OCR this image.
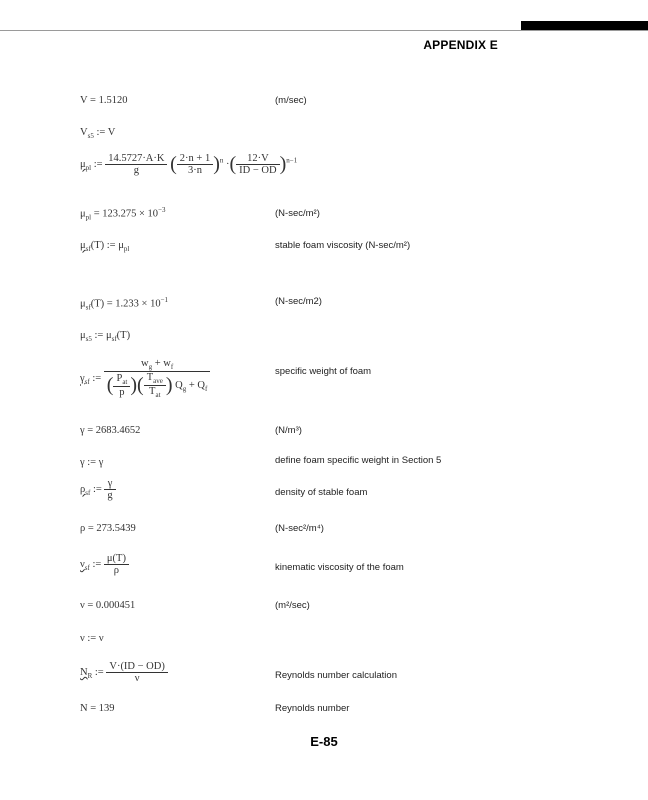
APPENDIX E
V = 1.5120	(m/sec)
$V_{s5}$ := V
$\mu_{pl}$ := $\frac{14.5727\cdot A\cdot K}{g}$ ( $\frac{2\cdot n + 1}{3\cdot n} )^n$ ·( $\frac{12\cdot V}{ID - OD} )^{n-1}$
$\mu_{pl} = 123.275 \times 10^{-3}$	(N-sec/m²)
$\mu_{sf}(T)$ := $\mu_{pl}$	stable foam viscosity (N-sec/m²)
$\mu_{sf}(T) = 1.233 \times 10^{-1}$	(N-sec/m2)
$\mu_{s5}$ := $\mu_{sf}(T)$
$\gamma_{sf}$ := $\frac{w_g + w_f}{( \frac{P_{at}}{p} )( \frac{T_{ave}}{T_{at}} ) Q_g + Q_f}$	specific weight of foam
γ = 2683.4652	(N/m³)
γ := γ	define foam specific weight in Section 5
$\rho_{sf}$ := $\frac{\gamma}{g}$	density of stable foam
ρ = 273.5439	(N-sec²/m⁴)
$\nu_{sf}$ := $\frac{\mu(T)}{\rho}$	kinematic viscosity of the foam
ν = 0.000451	(m²/sec)
ν := ν
$N_R$ := $\frac{V\cdot(ID - OD)}{\nu}$	Reynolds number calculation
N = 139	Reynolds number
E-85
